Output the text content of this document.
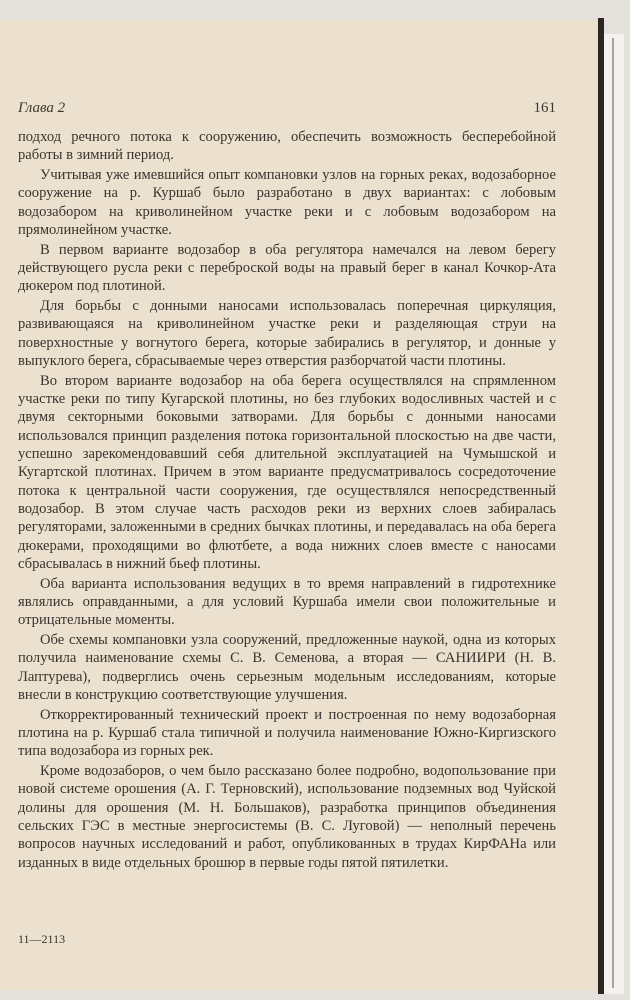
Глава 2	161

подход речного потока к сооружению, обеспечить возможность бесперебойной работы в зимний период.

Учитывая уже имевшийся опыт компановки узлов на горных реках, водозаборное сооружение на р. Куршаб было разработано в двух вариантах: с лобовым водозабором на криволинейном участке реки и с лобовым водозабором на прямолинейном участке.

В первом варианте водозабор в оба регулятора намечался на левом берегу действующего русла реки с переброской воды на правый берег в канал Кочкор-Ата дюкером под плотиной.

Для борьбы с донными наносами использовалась поперечная циркуляция, развивающаяся на криволинейном участке реки и разделяющая струи на поверхностные у вогнутого берега, которые забирались в регулятор, и донные у выпуклого берега, сбрасываемые через отверстия разборчатой части плотины.

Во втором варианте водозабор на оба берега осуществлялся на спрямленном участке реки по типу Кугарской плотины, но без глубоких водосливных частей и с двумя секторными боковыми затворами. Для борьбы с донными наносами использовался принцип разделения потока горизонтальной плоскостью на две части, успешно зарекомендовавший себя длительной эксплуатацией на Чумышской и Кугартской плотинах. Причем в этом варианте предусматривалось сосредоточение потока к центральной части сооружения, где осуществлялся непосредственный водозабор. В этом случае часть расходов реки из верхних слоев забиралась регуляторами, заложенными в средних бычках плотины, и передавалась на оба берега дюкерами, проходящими во флютбете, а вода нижних слоев вместе с наносами сбрасывалась в нижний бьеф плотины.

Оба варианта использования ведущих в то время направлений в гидротехнике являлись оправданными, а для условий Куршаба имели свои положительные и отрицательные моменты.

Обе схемы компановки узла сооружений, предложенные наукой, одна из которых получила наименование схемы С. В. Семенова, а вторая — САНИИРИ (Н. В. Лаптурева), подверглись очень серьезным модельным исследованиям, которые внесли в конструкцию соответствующие улучшения.

Откорректированный технический проект и построенная по нему водозаборная плотина на р. Куршаб стала типичной и получила наименование Южно-Киргизского типа водозабора из горных рек.

Кроме водозаборов, о чем было рассказано более подробно, водопользование при новой системе орошения (А. Г. Терновский), использование подземных вод Чуйской долины для орошения (М. Н. Большаков), разработка принципов объединения сельских ГЭС в местные энергосистемы (В. С. Луговой) — неполный перечень вопросов научных исследований и работ, опубликованных в трудах КирФАНа или изданных в виде отдельных брошюр в первые годы пятой пятилетки.

11—2113
